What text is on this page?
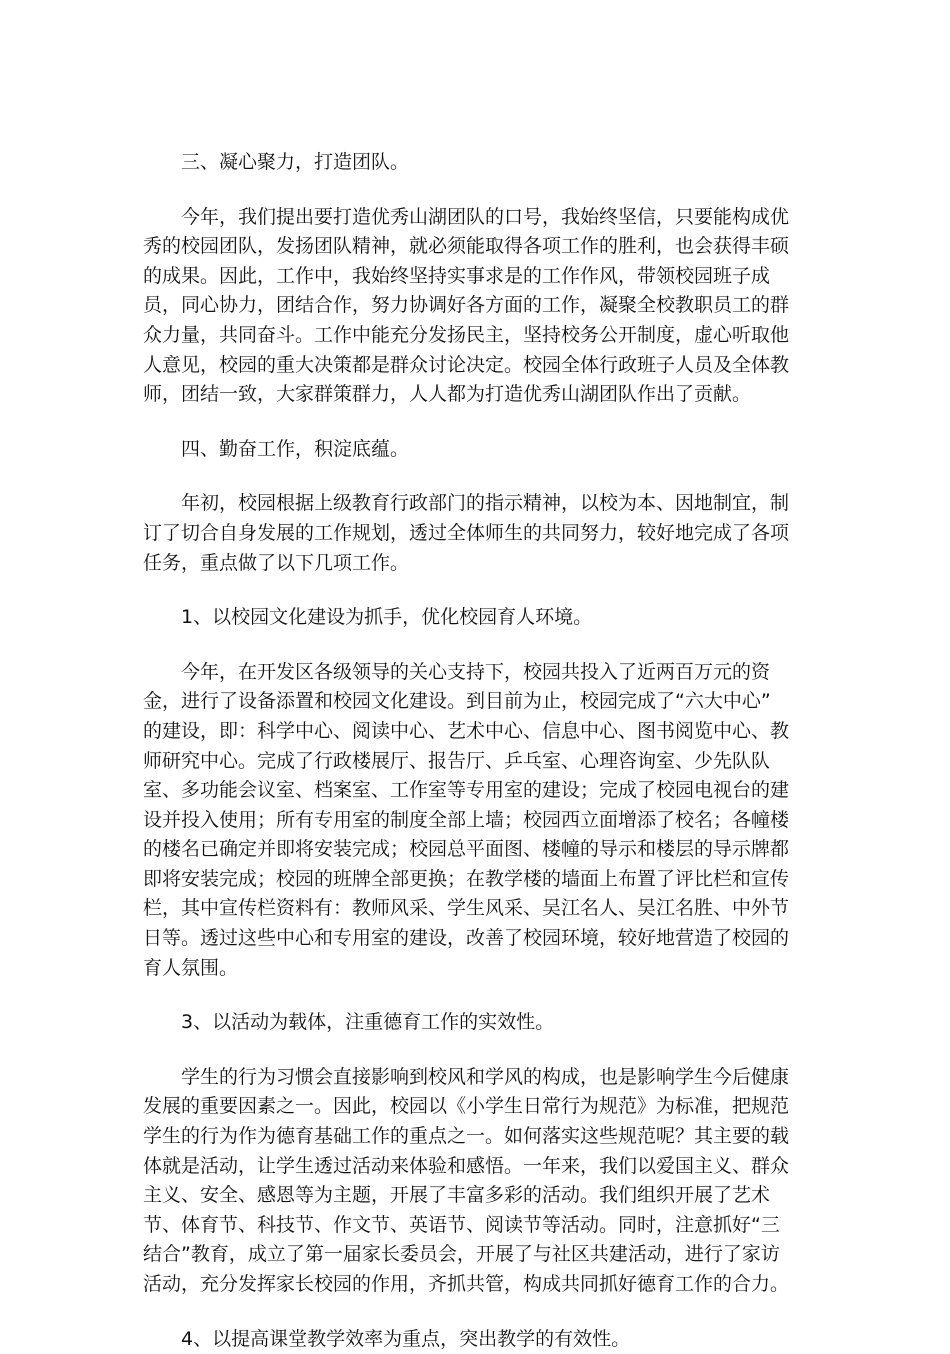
三、凝心聚力，打造团队。

今年，我们提出要打造优秀山湖团队的口号，我始终坚信，只要能构成优
秀的校园团队，发扬团队精神，就必须能取得各项工作的胜利，也会获得丰硕
的成果。因此，工作中，我始终坚持实事求是的工作作风，带领校园班子成
员，同心协力，团结合作，努力协调好各方面的工作，凝聚全校教职员工的群
众力量，共同奋斗。工作中能充分发扬民主，坚持校务公开制度，虚心听取他
人意见，校园的重大决策都是群众讨论决定。校园全体行政班子人员及全体教
师，团结一致，大家群策群力，人人都为打造优秀山湖团队作出了贡献。

四、勤奋工作，积淀底蕴。

年初，校园根据上级教育行政部门的指示精神，以校为本、因地制宜，制
订了切合自身发展的工作规划，透过全体师生的共同努力，较好地完成了各项
任务，重点做了以下几项工作。

1、以校园文化建设为抓手，优化校园育人环境。

今年，在开发区各级领导的关心支持下，校园共投入了近两百万元的资
金，进行了设备添置和校园文化建设。到目前为止，校园完成了“六大中心”
的建设，即：科学中心、阅读中心、艺术中心、信息中心、图书阅览中心、教
师研究中心。完成了行政楼展厅、报告厅、乒乓室、心理咨询室、少先队队
室、多功能会议室、档案室、工作室等专用室的建设；完成了校园电视台的建
设并投入使用；所有专用室的制度全部上墙；校园西立面增添了校名；各幢楼
的楼名已确定并即将安装完成；校园总平面图、楼幢的导示和楼层的导示牌都
即将安装完成；校园的班牌全部更换；在教学楼的墙面上布置了评比栏和宣传
栏，其中宣传栏资料有：教师风采、学生风采、吴江名人、吴江名胜、中外节
日等。透过这些中心和专用室的建设，改善了校园环境，较好地营造了校园的
育人氛围。

3、以活动为载体，注重德育工作的实效性。

学生的行为习惯会直接影响到校风和学风的构成，也是影响学生今后健康
发展的重要因素之一。因此，校园以《小学生日常行为规范》为标准，把规范
学生的行为作为德育基础工作的重点之一。如何落实这些规范呢？其主要的载
体就是活动，让学生透过活动来体验和感悟。一年来，我们以爱国主义、群众
主义、安全、感恩等为主题，开展了丰富多彩的活动。我们组织开展了艺术
节、体育节、科技节、作文节、英语节、阅读节等活动。同时，注意抓好“三
结合”教育，成立了第一届家长委员会，开展了与社区共建活动，进行了家访
活动，充分发挥家长校园的作用，齐抓共管，构成共同抓好德育工作的合力。

4、以提高课堂教学效率为重点，突出教学的有效性。
